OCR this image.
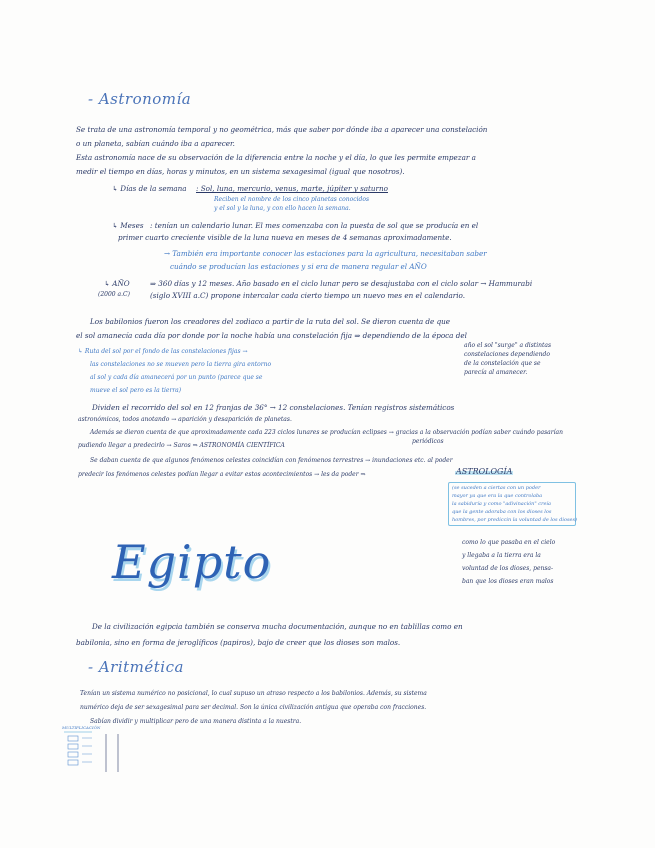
- Astronomía
Se trata de una astronomía temporal y no geométrica, más que saber por dónde iba a aparecer una constelación
o un planeta, sabían cuándo iba a aparecer.
Esta astronomía nace de su observación de la diferencia entre la noche y el día, lo que les permite empezar a
medir el tiempo en días, horas y minutos, en un sistema sexagesimal (igual que nosotros).
↳ Días de la semana : Sol, luna, mercurio, venus, marte, júpiter y saturno
Reciben el nombre de los cinco planetas conocidos
y el sol y la luna, y con ello hacen la semana.
↳ Meses : tenían un calendario lunar. El mes comenzaba con la puesta de sol que se producía en el
primer cuarto creciente visible de la luna nueva en meses de 4 semanas aproximadamente.
→ También era importante conocer las estaciones para la agricultura, necesitaban saber
cuándo se producían las estaciones y si era de manera regular el AÑO
↳ AÑO
(2000 a.C)
⇒ 360 días y 12 meses. Año basado en el ciclo lunar pero se desajustaba con el ciclo solar → Hammurabi
(siglo XVIII a.C) propone intercalar cada cierto tiempo un nuevo mes en el calendario.
Los babilonios fueron los creadores del zodiaco a partir de la ruta del sol. Se dieron cuenta de que
el sol amanecía cada día por donde por la noche había una constelación fija ⇒ dependiendo de la época del
año el sol "surge" a distintas
constelaciones dependiendo
de la constelación que se
parecía al amanecer.
↳ Ruta del sol por el fondo de las constelaciones fijas →
las constelaciones no se mueven pero la tierra gira entorno
al sol y cada día amanecerá por un punto (parece que se
mueve el sol pero es la tierra)
Dividen el recorrido del sol en 12 franjas de 36° → 12 constelaciones. Tenían registros sistemáticos
astronómicos, todos anotando → aparición y desaparición de planetas.
Además se dieron cuenta de que aproximadamente cada 223 ciclos lunares se producían eclipses → gracias a la observación podían saber cuándo pasarían
periódicos
pudiendo llegar a predecirlo → Saros ⇒ ASTRONOMÍA CIENTÍFICA
Se daban cuenta de que algunos fenómenos celestes coincidían con fenómenos terrestres → inundaciones etc. al poder
predecir los fenómenos celestes podían llegar a evitar estos acontecimientos → les da poder ⇒	ASTROLOGÍA
(se suceden a ciertas con un poder
mayor ya que era la que controlaba
la sabiduría y como "adivinación" creía
que la gente adoraba con los dioses los
hombres, por prediccin la voluntad de los dioses)
como lo que pasaba en el cielo
y llegaba a la tierra era la
voluntad de los dioses, pensa-
ban que los dioses eran malos
Egipto
De la civilización egipcia también se conserva mucha documentación, aunque no en tablillas como en
babilonia, sino en forma de jeroglíficos (papiros), bajo de creer que los dioses son malos.
- Aritmética
Tenían un sistema numérico no posicional, lo cual supuso un atraso respecto a los babilonios. Además, su sistema
numérico deja de ser sexagesimal para ser decimal. Son la única civilización antigua que operaba con fracciones.
Sabían dividir y multiplicar pero de una manera distinta a la nuestra.
MULTIPLICACIÓN
